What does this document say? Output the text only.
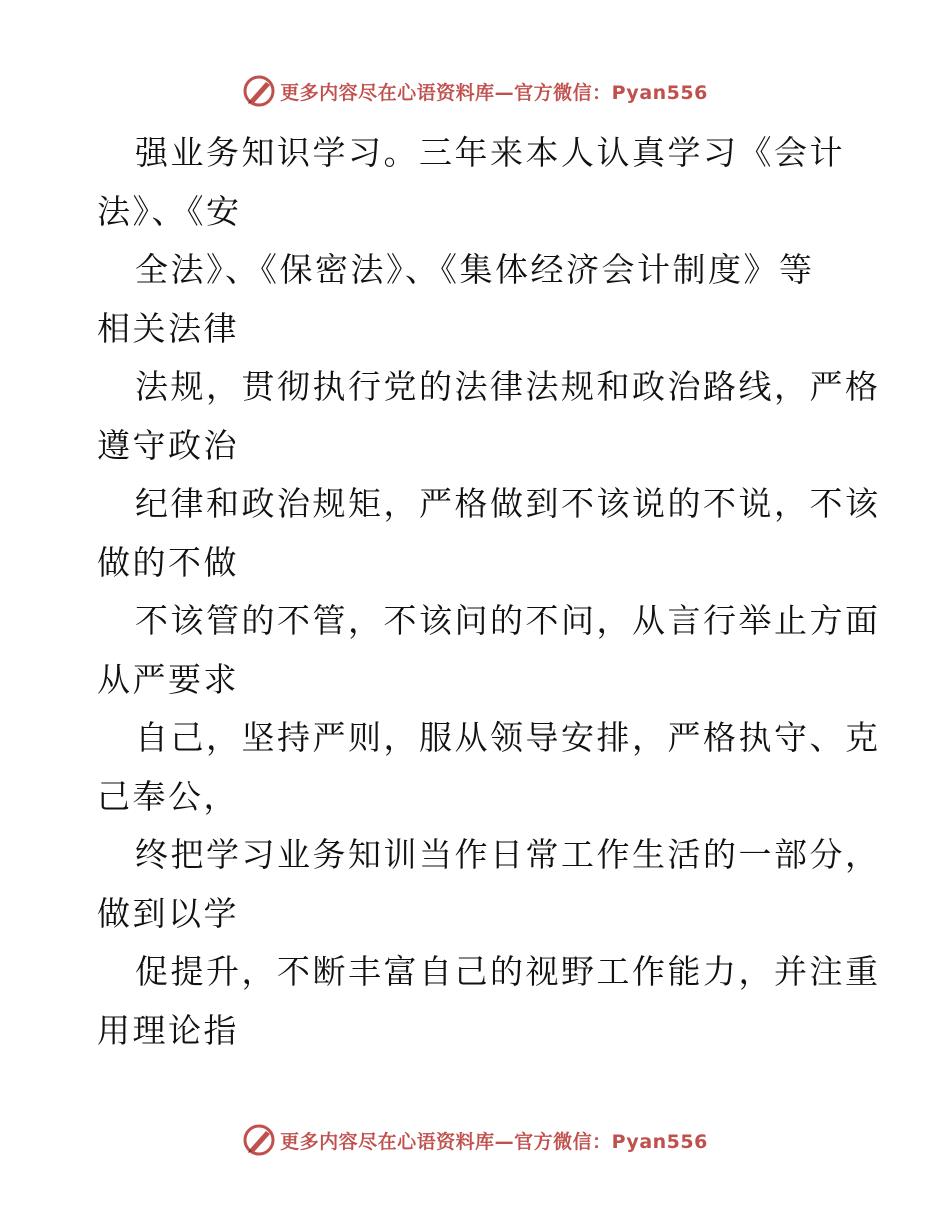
更多内容尽在心语资料库—官方微信：Pyan556
强业务知识学习。三年来本人认真学习《会计
法》、《安
全法》、《保密法》、《集体经济会计制度》等
相关法律
法规，贯彻执行党的法律法规和政治路线，严格
遵守政治
纪律和政治规矩，严格做到不该说的不说，不该
做的不做
不该管的不管，不该问的不问，从言行举止方面
从严要求
自己，坚持严则，服从领导安排，严格执守、克
己奉公，
终把学习业务知训当作日常工作生活的一部分，
做到以学
促提升，不断丰富自己的视野工作能力，并注重
用理论指
更多内容尽在心语资料库—官方微信：Pyan556
